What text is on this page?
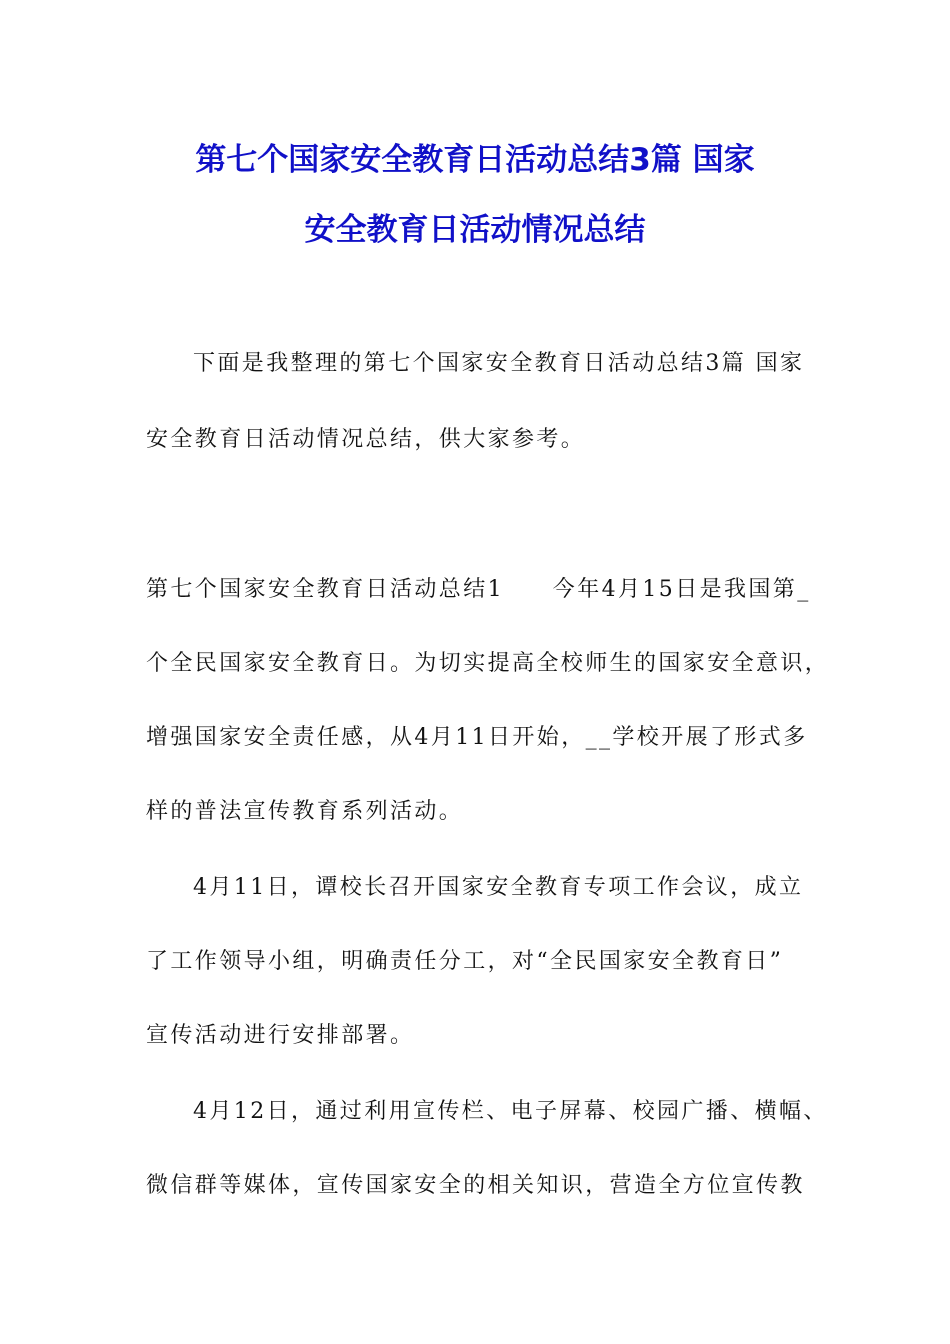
第七个国家安全教育日活动总结3篇 国家
安全教育日活动情况总结
下面是我整理的第七个国家安全教育日活动总结3篇 国家
安全教育日活动情况总结，供大家参考。
第七个国家安全教育日活动总结1　　今年4月15日是我国第_
个全民国家安全教育日。为切实提高全校师生的国家安全意识，
增强国家安全责任感，从4月11日开始，__学校开展了形式多
样的普法宣传教育系列活动。
4月11日，谭校长召开国家安全教育专项工作会议，成立
了工作领导小组，明确责任分工，对“全民国家安全教育日”
宣传活动进行安排部署。
4月12日，通过利用宣传栏、电子屏幕、校园广播、横幅、
微信群等媒体，宣传国家安全的相关知识，营造全方位宣传教
